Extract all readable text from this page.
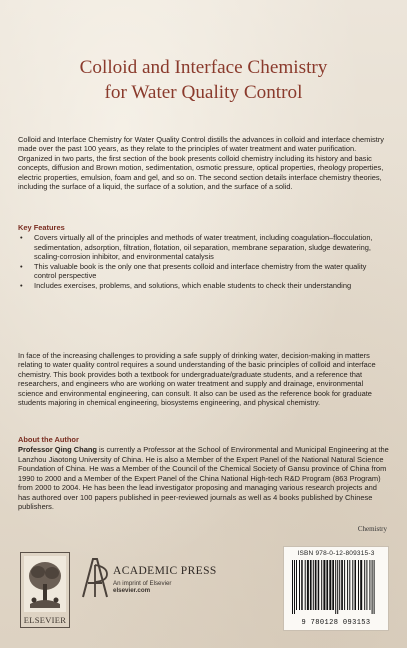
Colloid and Interface Chemistry
for Water Quality Control

Colloid and Interface Chemistry for Water Quality Control distills the advances in colloid and interface chemistry made over the past 100 years, as they relate to the principles of water treatment and water purification. Organized in two parts, the first section of the book presents colloid chemistry including its history and basic concepts, diffusion and Brown motion, sedimentation, osmotic pressure, optical properties, rheology properties, electric properties, emulsion, foam and gel, and so on. The second section details interface chemistry theories, including the surface of a liquid, the surface of a solution, and the surface of a solid.

Key Features
• Covers virtually all of the principles and methods of water treatment, including coagulation–flocculation, sedimentation, adsorption, filtration, flotation, oil separation, membrane separation, sludge dewatering, scaling-corrosion inhibitor, and environmental catalysis
• This valuable book is the only one that presents colloid and interface chemistry from the water quality control perspective
• Includes exercises, problems, and solutions, which enable students to check their understanding

In face of the increasing challenges to providing a safe supply of drinking water, decision-making in matters relating to water quality control requires a sound understanding of the basic principles of colloid and interface chemistry. This book provides both a textbook for undergraduate/graduate students, and a reference that researchers, and engineers who are working on water treatment and supply and drainage, environmental science and environmental engineering, can consult. It also can be used as the reference book for graduate students majoring in chemical engineering, biosystems engineering, and physical chemistry.

About the Author
Professor Qing Chang is currently a Professor at the School of Environmental and Municipal Engineering at the Lanzhou Jiaotong University of China. He is also a Member of the Expert Panel of the National Natural Science Foundation of China. He was a Member of the Council of the Chemical Society of Gansu province of China from 1990 to 2000 and a Member of the Expert Panel of the China National High-tech R&D Program (863 Program) from 2000 to 2004. He has been the lead investigator proposing and managing various research projects and has authored over 100 papers published in peer-reviewed journals as well as 4 books published by Chinese publishers.
Chemistry
ELSEVIER
ACADEMIC PRESS
An imprint of Elsevier
elsevier.com
ISBN 978-0-12-809315-3
9 780128 093153
